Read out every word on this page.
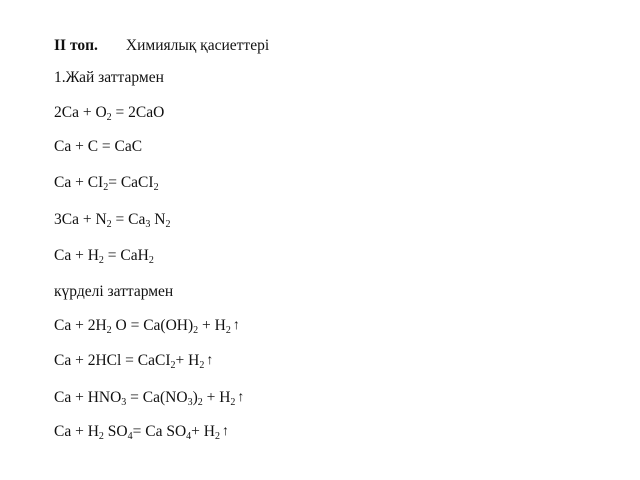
II топ. Химиялық қасиеттері
1.Жай заттармен
$2Ca + O_2 = 2CaO$
Ca + C = CaC
$Ca + CI_2=$ CaCI$_2$
$3Ca + N_2 = Ca_3$ $N_2$
$Ca + H_2 = CaH_2$
күрделі заттармен
$Ca + 2H_2$ $O = Ca(OH)_2 + H_2$ ↑
Ca + 2HCl = CaCI$_2$+ $H_2$ ↑
$Ca + HNO_3 = Ca(NO_3)_2 + H_2$ ↑
$Ca + H_2$ $SO_4= Ca$ $SO_4+ H_2$ ↑
